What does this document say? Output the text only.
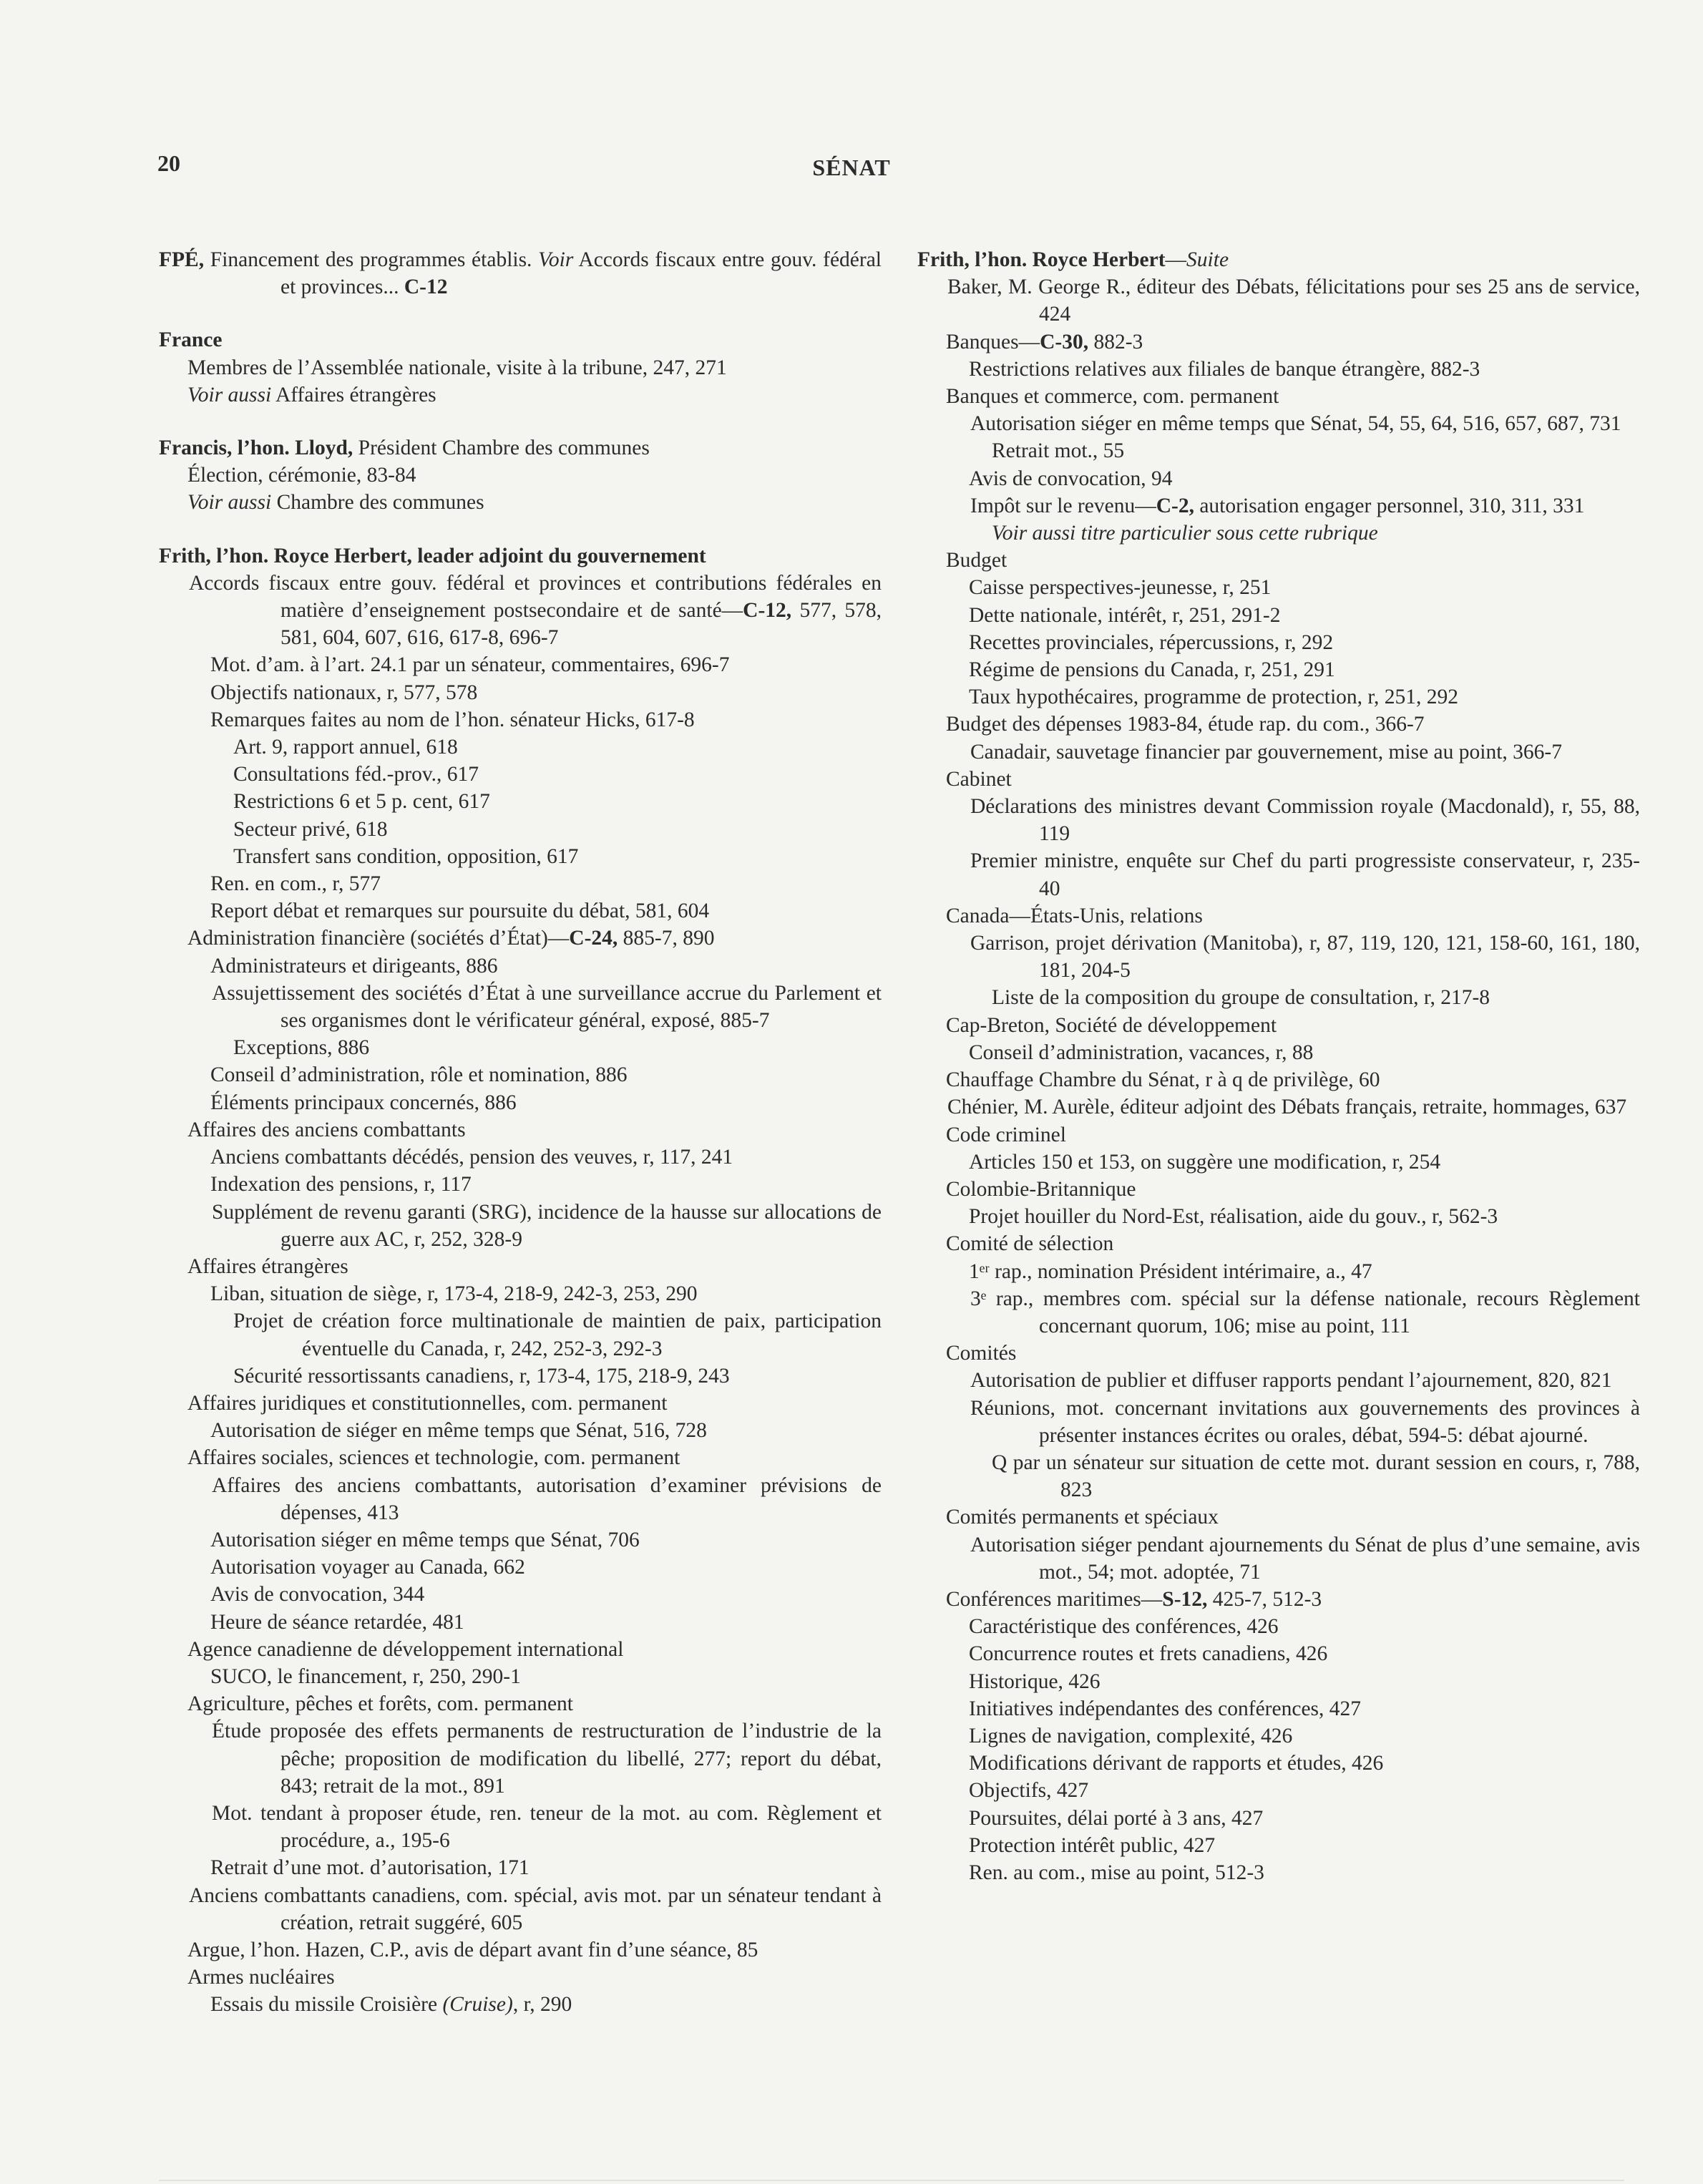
20	SÉNAT
FPÉ, Financement des programmes établis. Voir Accords fiscaux entre gouv. fédéral et provinces... C-12
France
Membres de l’Assemblée nationale, visite à la tribune, 247, 271
Voir aussi Affaires étrangères
Francis, l’hon. Lloyd, Président Chambre des communes
Élection, cérémonie, 83-84
Voir aussi Chambre des communes
Frith, l’hon. Royce Herbert, leader adjoint du gouvernement
Accords fiscaux entre gouv. fédéral et provinces et contributions fédérales en matière d’enseignement postsecondaire et de santé—C-12, 577, 578, 581, 604, 607, 616, 617-8, 696-7
Mot. d’am. à l’art. 24.1 par un sénateur, commentaires, 696-7
Objectifs nationaux, r, 577, 578
Remarques faites au nom de l’hon. sénateur Hicks, 617-8
Art. 9, rapport annuel, 618
Consultations féd.-prov., 617
Restrictions 6 et 5 p. cent, 617
Secteur privé, 618
Transfert sans condition, opposition, 617
Ren. en com., r, 577
Report débat et remarques sur poursuite du débat, 581, 604
Administration financière (sociétés d’État)—C-24, 885-7, 890
Administrateurs et dirigeants, 886
Assujettissement des sociétés d’État à une surveillance accrue du Parlement et ses organismes dont le vérificateur général, exposé, 885-7
Exceptions, 886
Conseil d’administration, rôle et nomination, 886
Éléments principaux concernés, 886
Affaires des anciens combattants
Anciens combattants décédés, pension des veuves, r, 117, 241
Indexation des pensions, r, 117
Supplément de revenu garanti (SRG), incidence de la hausse sur allocations de guerre aux AC, r, 252, 328-9
Affaires étrangères
Liban, situation de siège, r, 173-4, 218-9, 242-3, 253, 290
Projet de création force multinationale de maintien de paix, participation éventuelle du Canada, r, 242, 252-3, 292-3
Sécurité ressortissants canadiens, r, 173-4, 175, 218-9, 243
Affaires juridiques et constitutionnelles, com. permanent
Autorisation de siéger en même temps que Sénat, 516, 728
Affaires sociales, sciences et technologie, com. permanent
Affaires des anciens combattants, autorisation d’examiner prévisions de dépenses, 413
Autorisation siéger en même temps que Sénat, 706
Autorisation voyager au Canada, 662
Avis de convocation, 344
Heure de séance retardée, 481
Agence canadienne de développement international
SUCO, le financement, r, 250, 290-1
Agriculture, pêches et forêts, com. permanent
Étude proposée des effets permanents de restructuration de l’industrie de la pêche; proposition de modification du libellé, 277; report du débat, 843; retrait de la mot., 891
Mot. tendant à proposer étude, ren. teneur de la mot. au com. Règlement et procédure, a., 195-6
Retrait d’une mot. d’autorisation, 171
Anciens combattants canadiens, com. spécial, avis mot. par un sénateur tendant à création, retrait suggéré, 605
Argue, l’hon. Hazen, C.P., avis de départ avant fin d’une séance, 85
Armes nucléaires
Essais du missile Croisière (Cruise), r, 290
Frith, l’hon. Royce Herbert—Suite
Baker, M. George R., éditeur des Débats, félicitations pour ses 25 ans de service, 424
Banques—C-30, 882-3
Restrictions relatives aux filiales de banque étrangère, 882-3
Banques et commerce, com. permanent
Autorisation siéger en même temps que Sénat, 54, 55, 64, 516, 657, 687, 731
Retrait mot., 55
Avis de convocation, 94
Impôt sur le revenu—C-2, autorisation engager personnel, 310, 311, 331
Voir aussi titre particulier sous cette rubrique
Budget
Caisse perspectives-jeunesse, r, 251
Dette nationale, intérêt, r, 251, 291-2
Recettes provinciales, répercussions, r, 292
Régime de pensions du Canada, r, 251, 291
Taux hypothécaires, programme de protection, r, 251, 292
Budget des dépenses 1983-84, étude rap. du com., 366-7
Canadair, sauvetage financier par gouvernement, mise au point, 366-7
Cabinet
Déclarations des ministres devant Commission royale (Macdonald), r, 55, 88, 119
Premier ministre, enquête sur Chef du parti progressiste conservateur, r, 235-40
Canada—États-Unis, relations
Garrison, projet dérivation (Manitoba), r, 87, 119, 120, 121, 158-60, 161, 180, 181, 204-5
Liste de la composition du groupe de consultation, r, 217-8
Cap-Breton, Société de développement
Conseil d’administration, vacances, r, 88
Chauffage Chambre du Sénat, r à q de privilège, 60
Chénier, M. Aurèle, éditeur adjoint des Débats français, retraite, hommages, 637
Code criminel
Articles 150 et 153, on suggère une modification, r, 254
Colombie-Britannique
Projet houiller du Nord-Est, réalisation, aide du gouv., r, 562-3
Comité de sélection
1ᵉʳ rap., nomination Président intérimaire, a., 47
3ᵉ rap., membres com. spécial sur la défense nationale, recours Règlement concernant quorum, 106; mise au point, 111
Comités
Autorisation de publier et diffuser rapports pendant l’ajournement, 820, 821
Réunions, mot. concernant invitations aux gouvernements des provinces à présenter instances écrites ou orales, débat, 594-5: débat ajourné.
Q par un sénateur sur situation de cette mot. durant session en cours, r, 788, 823
Comités permanents et spéciaux
Autorisation siéger pendant ajournements du Sénat de plus d’une semaine, avis mot., 54; mot. adoptée, 71
Conférences maritimes—S-12, 425-7, 512-3
Caractéristique des conférences, 426
Concurrence routes et frets canadiens, 426
Historique, 426
Initiatives indépendantes des conférences, 427
Lignes de navigation, complexité, 426
Modifications dérivant de rapports et études, 426
Objectifs, 427
Poursuites, délai porté à 3 ans, 427
Protection intérêt public, 427
Ren. au com., mise au point, 512-3
